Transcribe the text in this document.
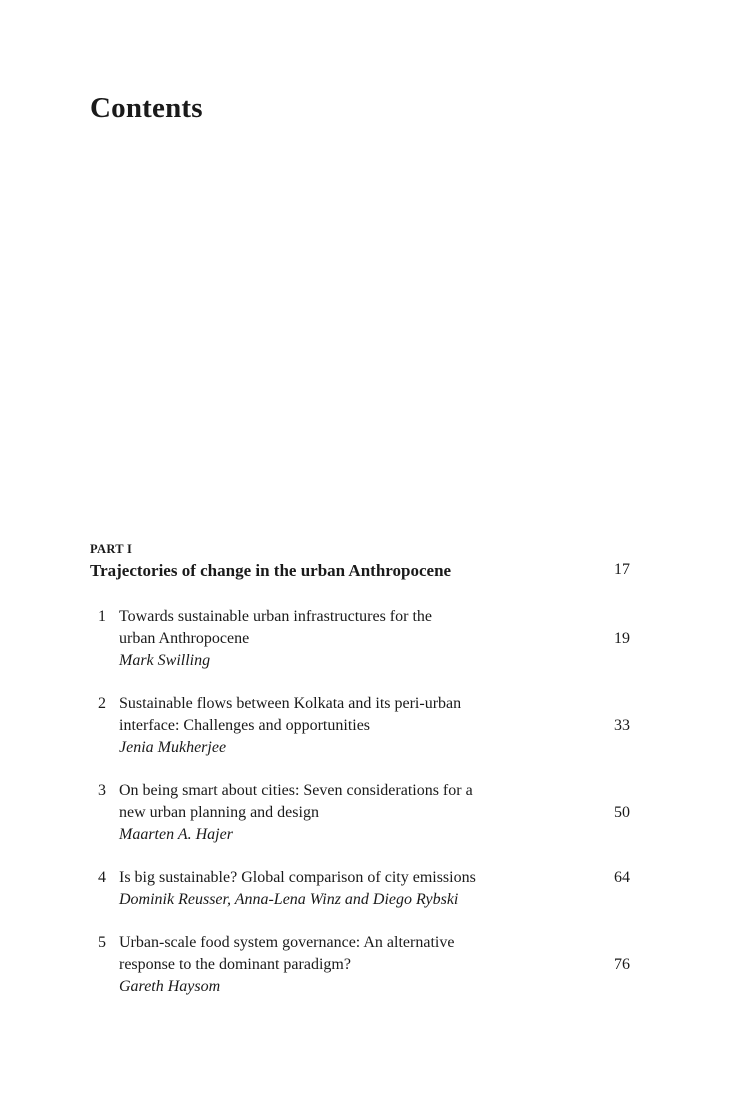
Contents
PART I
Trajectories of change in the urban Anthropocene	17
1 Towards sustainable urban infrastructures for the
urban Anthropocene	19
Mark Swilling
2 Sustainable flows between Kolkata and its peri-urban
interface: Challenges and opportunities	33
Jenia Mukherjee
3 On being smart about cities: Seven considerations for a
new urban planning and design	50
Maarten A. Hajer
4 Is big sustainable? Global comparison of city emissions	64
Dominik Reusser, Anna-Lena Winz and Diego Rybski
5 Urban-scale food system governance: An alternative
response to the dominant paradigm?	76
Gareth Haysom
